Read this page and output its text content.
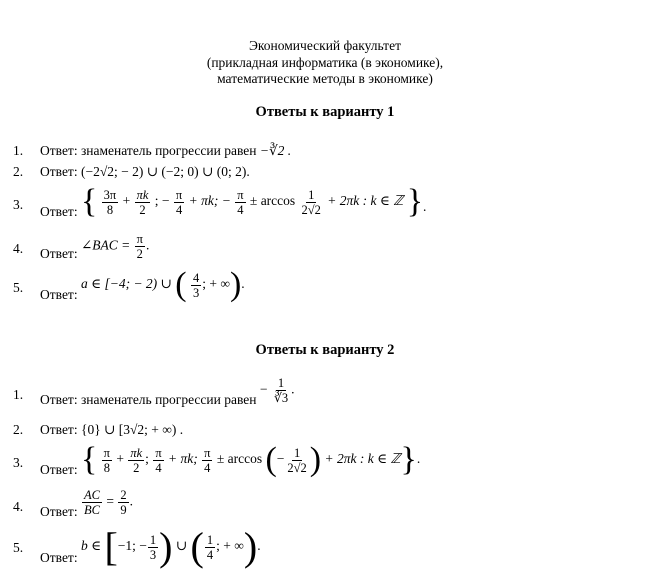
Экономический факультет
(прикладная информатика (в экономике),
математические методы в экономике)
Ответы к варианту 1
1. Ответ: знаменатель прогрессии равен −∛2 .
2. Ответ: (−2√2; − 2) ∪ (−2; 0) ∪ (0; 2).
3. Ответ: { $\frac{3\pi}{8} + \frac{\pi k}{2}$ ; − $\frac{\pi}{4} + \pi k$; − $\frac{\pi}{4} \pm \arccos \frac{1}{2√2} + 2\pi k$ : k ∈ ℤ }.
4. Ответ: ∠BAC = $\frac{\pi}{2}$ .
5. Ответ: a ∈ [−4; − 2) ∪ ( $\frac{4}{3}$ ; + ∞).
Ответы к варианту 2
1. Ответ: знаменатель прогрессии равен − $\frac{1}{∛3}$ .
2. Ответ: {0} ∪ [3√2; + ∞) .
3. Ответ: { $\frac{\pi}{8} + \frac{\pi k}{2}$ ; $\frac{\pi}{4} + \pi k$; $\frac{\pi}{4} \pm \arccos$ (− $\frac{1}{2√2}$ ) + 2πk : k ∈ ℤ}.
4. Ответ: $\frac{AC}{BC} = \frac{2}{9}$ .
5.
Ответ: b ∈ [−1; − $\frac{1}{3}$ ) ∪ ( $\frac{1}{4}$ ; + ∞).
